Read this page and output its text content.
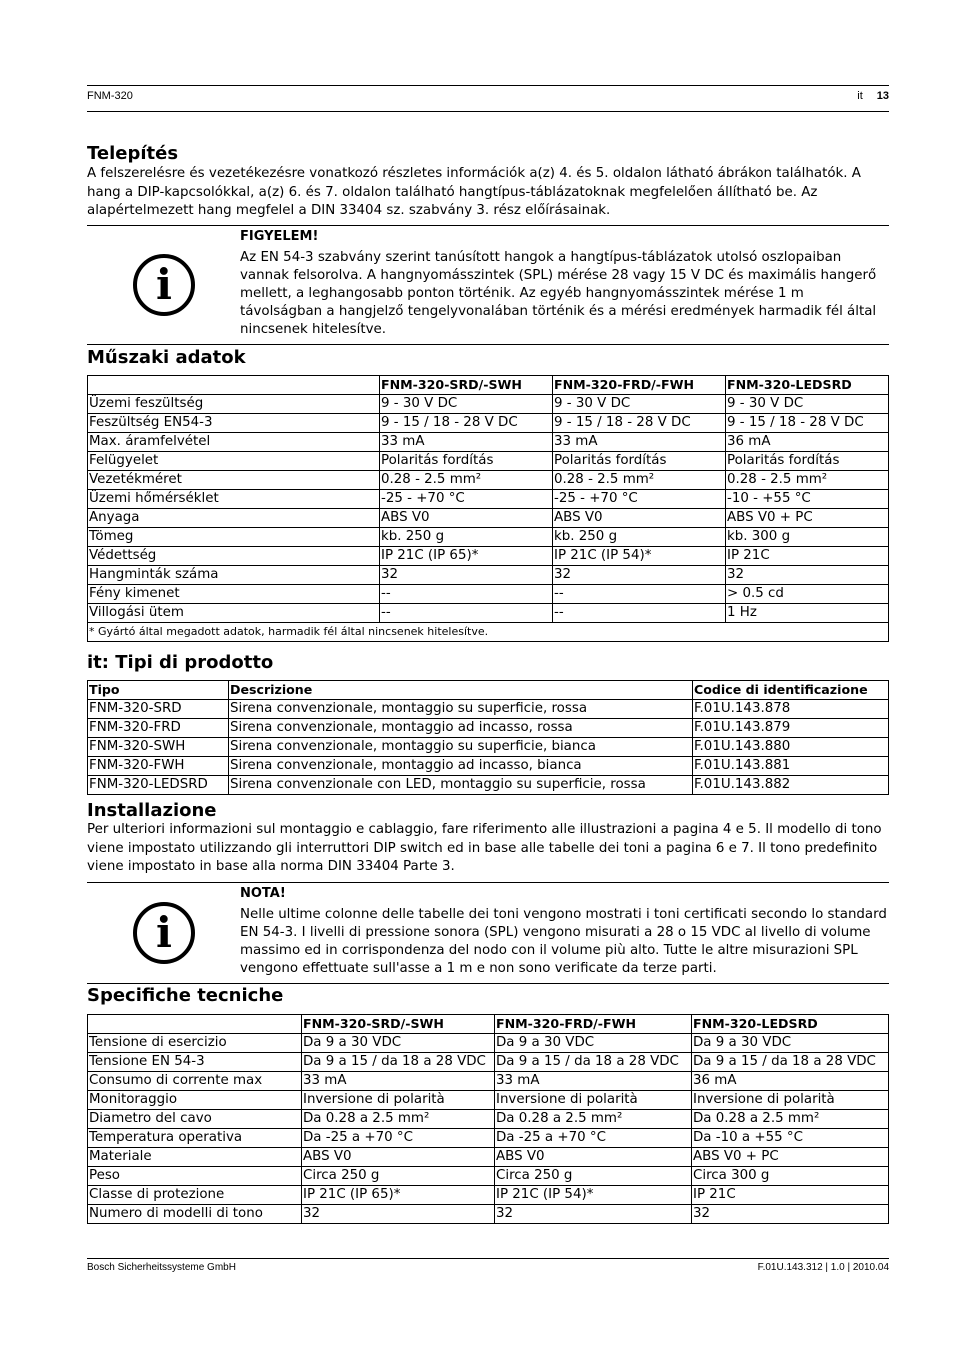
FNM-320	it 13
Telepítés

A felszerelésre és vezetékezésre vonatkozó részletes információk a(z) 4. és 5. oldalon látható ábrákon találhatók. A hang a DIP-kapcsolókkal, a(z) 6. és 7. oldalon található hangtípus-táblázatoknak megfelelően állítható be. Az alapértelmezett hang megfelel a DIN 33404 sz. szabvány 3. rész előírásainak.

i
FIGYELEM!
Az EN 54-3 szabvány szerint tanúsított hangok a hangtípus-táblázatok utolsó oszlopaiban vannak felsorolva. A hangnyomásszintek (SPL) mérése 28 vagy 15 V DC és maximális hangerő mellett, a leghangosabb ponton történik. Az egyéb hangnyomásszintek mérése 1 m távolságban a hangjelző tengelyvonalában történik és a mérési eredmények harmadik fél által nincsenek hitelesítve.
Műszaki adatok
	FNM-320-SRD/-SWH	FNM-320-FRD/-FWH	FNM-320-LEDSRD
Üzemi feszültség	9 - 30 V DC	9 - 30 V DC	9 - 30 V DC
Feszültség EN54-3	9 - 15 / 18 - 28 V DC	9 - 15 / 18 - 28 V DC	9 - 15 / 18 - 28 V DC
Max. áramfelvétel	33 mA	33 mA	36 mA
Felügyelet	Polaritás fordítás	Polaritás fordítás	Polaritás fordítás
Vezetékméret	0.28 - 2.5 mm²	0.28 - 2.5 mm²	0.28 - 2.5 mm²
Üzemi hőmérséklet	-25 - +70 °C	-25 - +70 °C	-10 - +55 °C
Anyaga	ABS V0	ABS V0	ABS V0 + PC
Tömeg	kb. 250 g	kb. 250 g	kb. 300 g
Védettség	IP 21C (IP 65)*	IP 21C (IP 54)*	IP 21C
Hangminták száma	32	32	32
Fény kimenet	--	--	> 0.5 cd
Villogási ütem	--	--	1 Hz
* Gyártó által megadott adatok, harmadik fél által nincsenek hitelesítve.			
it: Tipi di prodotto
Tipo	Descrizione	Codice di identificazione
FNM-320-SRD	Sirena convenzionale, montaggio su superficie, rossa	F.01U.143.878
FNM-320-FRD	Sirena convenzionale, montaggio ad incasso, rossa	F.01U.143.879
FNM-320-SWH	Sirena convenzionale, montaggio su superficie, bianca	F.01U.143.880
FNM-320-FWH	Sirena convenzionale, montaggio ad incasso, bianca	F.01U.143.881
FNM-320-LEDSRD	Sirena convenzionale con LED, montaggio su superficie, rossa	F.01U.143.882
Installazione

Per ulteriori informazioni sul montaggio e cablaggio, fare riferimento alle illustrazioni a pagina 4 e 5. Il modello di tono viene impostato utilizzando gli interruttori DIP switch ed in base alle tabelle dei toni a pagina 6 e 7. Il tono predefinito viene impostato in base alla norma DIN 33404 Parte 3.

i
NOTA!
Nelle ultime colonne delle tabelle dei toni vengono mostrati i toni certificati secondo lo standard EN 54-3. I livelli di pressione sonora (SPL) vengono misurati a 28 o 15 VDC al livello di volume massimo ed in corrispondenza del nodo con il volume più alto. Tutte le altre misurazioni SPL vengono effettuate sull'asse a 1 m e non sono verificate da terze parti.
Specifiche tecniche
	FNM-320-SRD/-SWH	FNM-320-FRD/-FWH	FNM-320-LEDSRD
Tensione di esercizio	Da 9 a 30 VDC	Da 9 a 30 VDC	Da 9 a 30 VDC
Tensione EN 54-3	Da 9 a 15 / da 18 a 28 VDC	Da 9 a 15 / da 18 a 28 VDC	Da 9 a 15 / da 18 a 28 VDC
Consumo di corrente max	33 mA	33 mA	36 mA
Monitoraggio	Inversione di polarità	Inversione di polarità	Inversione di polarità
Diametro del cavo	Da 0.28 a 2.5 mm²	Da 0.28 a 2.5 mm²	Da 0.28 a 2.5 mm²
Temperatura operativa	Da -25 a +70 °C	Da -25 a +70 °C	Da -10 a +55 °C
Materiale	ABS V0	ABS V0	ABS V0 + PC
Peso	Circa 250 g	Circa 250 g	Circa 300 g
Classe di protezione	IP 21C (IP 65)*	IP 21C (IP 54)*	IP 21C
Numero di modelli di tono	32	32	32
Bosch Sicherheitssysteme GmbH	F.01U.143.312 | 1.0 | 2010.04
